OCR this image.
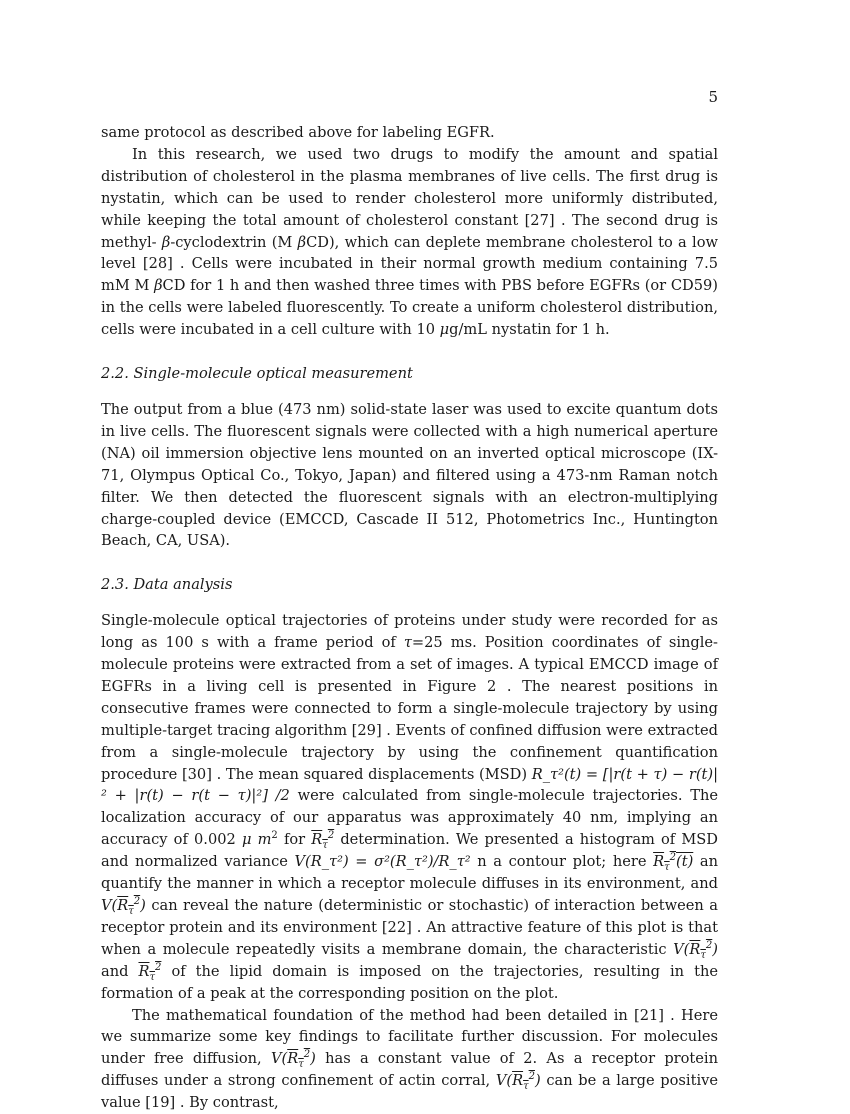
5

same protocol as described above for labeling EGFR.

In this research, we used two drugs to modify the amount and spatial distribution of cholesterol in the plasma membranes of live cells. The first drug is nystatin, which can be used to render cholesterol more uniformly distributed, while keeping the total amount of cholesterol constant [27] . The second drug is methyl- β-cyclodextrin (M βCD), which can deplete membrane cholesterol to a low level [28] . Cells were incubated in their normal growth medium containing 7.5 mM M βCD for 1 h and then washed three times with PBS before EGFRs (or CD59) in the cells were labeled fluorescently. To create a uniform cholesterol distribution, cells were incubated in a cell culture with 10 μg/mL nystatin for 1 h.

2.2. Single-molecule optical measurement

The output from a blue (473 nm) solid-state laser was used to excite quantum dots in live cells. The fluorescent signals were collected with a high numerical aperture (NA) oil immersion objective lens mounted on an inverted optical microscope (IX-71, Olympus Optical Co., Tokyo, Japan) and filtered using a 473-nm Raman notch filter. We then detected the fluorescent signals with an electron-multiplying charge-coupled device (EMCCD, Cascade II 512, Photometrics Inc., Huntington Beach, CA, USA).

2.3. Data analysis

Single-molecule optical trajectories of proteins under study were recorded for as long as 100 s with a frame period of τ=25 ms. Position coordinates of single-molecule proteins were extracted from a set of images. A typical EMCCD image of EGFRs in a living cell is presented in Figure 2 . The nearest positions in consecutive frames were connected to form a single-molecule trajectory by using multiple-target tracing algorithm [29] . Events of confined diffusion were extracted from a single-molecule trajectory by using the confinement quantification procedure [30] . The mean squared displacements (MSD) R_τ²(t) = [|r(t + τ) − r(t)|² + |r(t) − r(t − τ)|²] /2 were calculated from single-molecule trajectories. The localization accuracy of our apparatus was approximately 40 nm, implying an accuracy of 0.002 μ $m^2$ for $R_\tau^2$ determination. We presented a histogram of MSD and normalized variance V(R_τ²) = σ²(R_τ²)/R_τ² n a contour plot; here $R_\tau^2(t)$ an quantify the manner in which a receptor molecule diffuses in its environment, and $V(R_\tau^2)$ can reveal the nature (deterministic or stochastic) of interaction between a receptor protein and its environment [22] . An attractive feature of this plot is that when a molecule repeatedly visits a membrane domain, the characteristic $V(R_\tau^2)$ and $R_\tau^2$ of the lipid domain is imposed on the trajectories, resulting in the formation of a peak at the corresponding position on the plot.

The mathematical foundation of the method had been detailed in [21] . Here we summarize some key findings to facilitate further discussion. For molecules under free diffusion, $V(R_\tau^2)$ has a constant value of 2. As a receptor protein diffuses under a strong confinement of actin corral, $V(R_\tau^2)$ can be a large positive value [19] . By contrast,
